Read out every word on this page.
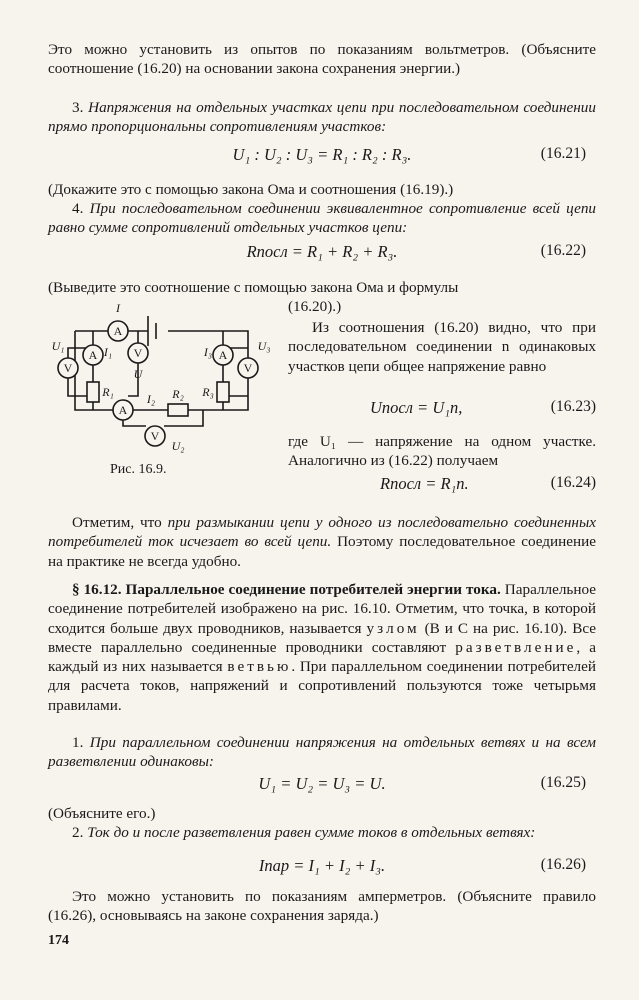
Это можно установить из опытов по показаниям вольтметров. (Объясните соотношение (16.20) на основании закона сохранения энергии.)

3. Напряжения на отдельных участках цепи при последовательном соединении прямо пропорциональны сопротивлениям участков:

U₁ : U₂ : U₃ = R₁ : R₂ : R₃.	(16.21)

(Докажите это с помощью закона Ома и соотношения (16.19).)

4. При последовательном соединении эквивалентное сопротивление всей цепи равно сумме сопротивлений отдельных участков цепи:

Rпосл = R₁ + R₂ + R₃.	(16.22)

(Выведите это соотношение с помощью закона Ома и формулы

(16.20).)

A
A
V
V	A
V
A
V
I
U
U₁	I₁
R₁	I₂ R₂
U₂
I₃
R₃
U₃
Рис. 16.9.

Из соотношения (16.20) видно, что при последовательном соединении n одинаковых участков цепи общее напряжение равно

Uпосл = U₁n,	(16.23)

где U₁ — напряжение на одном участке. Аналогично из (16.22) получаем

Rпосл = R₁n.	(16.24)

Отметим, что при размыкании цепи у одного из последовательно соединенных потребителей ток исчезает во всей цепи. Поэтому последовательное соединение на практике не всегда удобно.

§ 16.12. Параллельное соединение потребителей энергии тока. Параллельное соединение потребителей изображено на рис. 16.10. Отметим, что точка, в которой сходится больше двух проводников, называется узлом (В и С на рис. 16.10). Все вместе параллельно соединенные проводники составляют разветвление, а каждый из них называется ветвью. При параллельном соединении потребителей для расчета токов, напряжений и сопротивлений пользуются тоже четырьмя правилами.

1. При параллельном соединении напряжения на отдельных ветвях и на всем разветвлении одинаковы:

U₁ = U₂ = U₃ = U.	(16.25)

(Объясните его.)

2. Ток до и после разветвления равен сумме токов в отдельных ветвях:

Iпар = I₁ + I₂ + I₃.	(16.26)

Это можно установить по показаниям амперметров. (Объясните правило (16.26), основываясь на законе сохранения заряда.)

174
